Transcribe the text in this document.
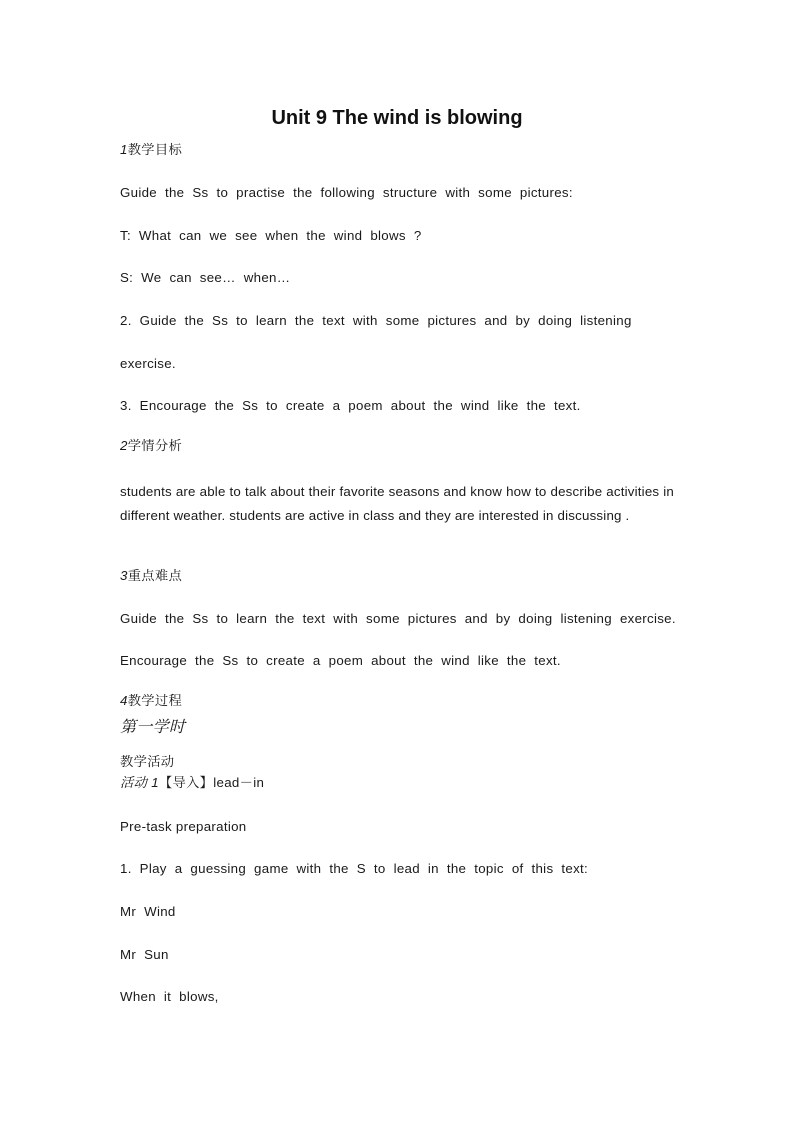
Unit 9 The wind is blowing
1教学目标
Guide the Ss to practise the following structure with some pictures:
T: What can we see when the wind blows ?
S: We can see… when…
2. Guide the Ss to learn the text with some pictures and by doing listening
exercise.
3. Encourage the Ss to create a poem about the wind like the text.
2学情分析
students are able to talk about their favorite seasons and know how to describe activities in different weather. students are active in class and they are interested in discussing .
3重点难点
Guide the Ss to learn the text with some pictures and by doing listening exercise.
Encourage the Ss to create a poem about the wind like the text.
4教学过程
第一学时
教学活动
活动 1【导入】lead－in
Pre-task preparation
1. Play a guessing game with the S to lead in the topic of this text:
Mr Wind
Mr Sun
When it blows,
